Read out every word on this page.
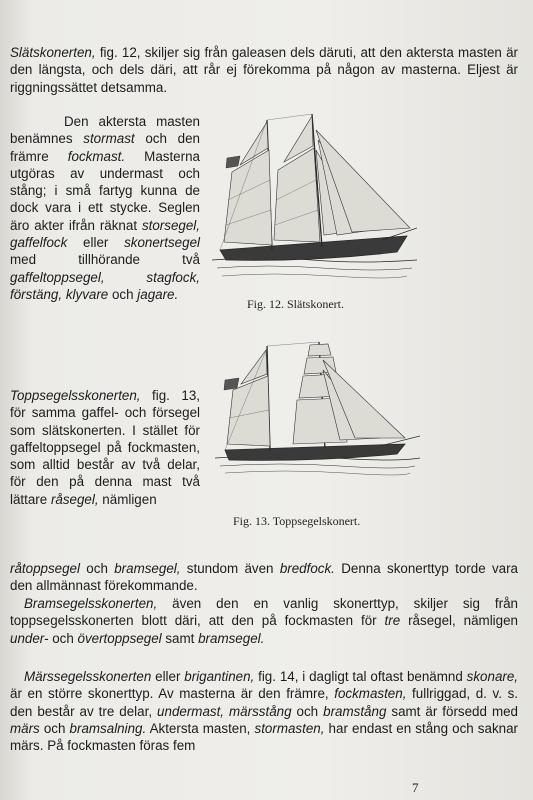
Slätskonerten, fig. 12, skiljer sig från galeasen dels däruti, att den aktersta masten är den längsta, och dels däri, att rår ej förekomma på någon av masterna. Eljest är riggningssättet detsamma.

Den aktersta masten benämnes stormast och den främre fockmast. Masterna utgöras av undermast och stång; i små fartyg kunna de dock vara i ett stycke. Seglen äro akter ifrån räknat storsegel, gaffelfock eller skonertsegel med tillhörande två gaffeltoppsegel, stagfock, förstäng, klyvare och jagare.

Toppsegelsskonerten, fig. 13, för samma gaffel- och försegel som slätskonerten. I stället för gaffeltoppsegel på fockmasten, som alltid består av två delar, för den på denna mast två lättare råsegel, nämligen

råtoppsegel och bramsegel, stundom även bredfock. Denna skonerttyp torde vara den allmännast förekommande.

Bramsegelsskonerten, även den en vanlig skonerttyp, skiljer sig från toppsegelsskonerten blott däri, att den på fockmasten för tre råsegel, nämligen under- och övertoppsegel samt bramsegel.

Märssegelsskonerten eller brigantinen, fig. 14, i dagligt tal oftast benämnd skonare, är en större skonerttyp. Av masterna är den främre, fockmasten, fullriggad, d. v. s. den består av tre delar, undermast, märsstång och bramstång samt är försedd med märs och bramsalning. Aktersta masten, stormasten, har endast en stång och saknar märs. På fockmasten föras fem

Fig. 12. Slätskonert.
Fig. 13. Toppsegelskonert.
7
